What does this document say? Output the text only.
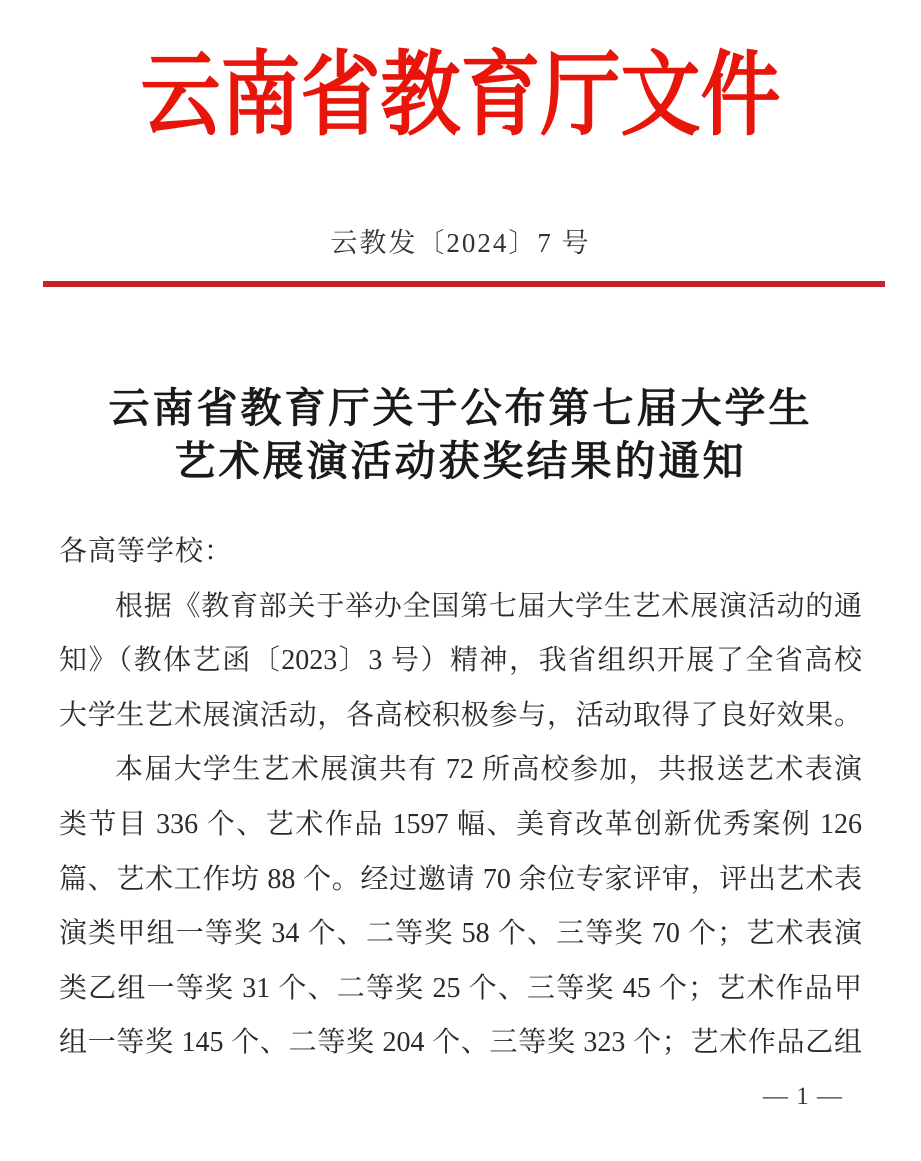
云南省教育厅文件
云教发〔2024〕7 号
云南省教育厅关于公布第七届大学生
艺术展演活动获奖结果的通知
各高等学校：
根据《教育部关于举办全国第七届大学生艺术展演活动的通
知》（教体艺函〔2023〕3 号）精神，我省组织开展了全省高校
大学生艺术展演活动，各高校积极参与，活动取得了良好效果。
本届大学生艺术展演共有 72 所高校参加，共报送艺术表演
类节目 336 个、艺术作品 1597 幅、美育改革创新优秀案例 126
篇、艺术工作坊 88 个。经过邀请 70 余位专家评审，评出艺术表
演类甲组一等奖 34 个、二等奖 58 个、三等奖 70 个；艺术表演
类乙组一等奖 31 个、二等奖 25 个、三等奖 45 个；艺术作品甲
组一等奖 145 个、二等奖 204 个、三等奖 323 个；艺术作品乙组
— 1 —
